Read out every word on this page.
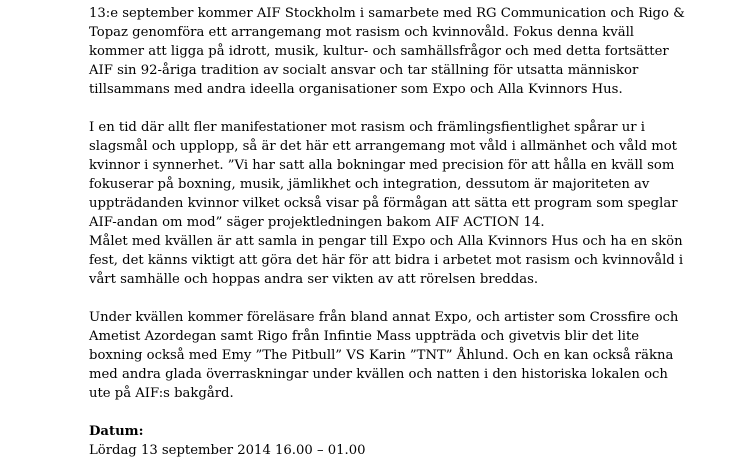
13:e september kommer AIF Stockholm i samarbete med RG Communication och Rigo &
Topaz genomföra ett arrangemang mot rasism och kvinnovåld. Fokus denna kväll
kommer att ligga på idrott, musik, kultur- och samhällsfrågor och med detta fortsätter
AIF sin 92-åriga tradition av socialt ansvar och tar ställning för utsatta människor
tillsammans med andra ideella organisationer som Expo och Alla Kvinnors Hus.
I en tid där allt fler manifestationer mot rasism och främlingsfientlighet spårar ur i
slagsmål och upplopp, så är det här ett arrangemang mot våld i allmänhet och våld mot
kvinnor i synnerhet. ”Vi har satt alla bokningar med precision för att hålla en kväll som
fokuserar på boxning, musik, jämlikhet och integration, dessutom är majoriteten av
uppträdanden kvinnor vilket också visar på förmågan att sätta ett program som speglar
AIF-andan om mod” säger projektledningen bakom AIF ACTION 14.
Målet med kvällen är att samla in pengar till Expo och Alla Kvinnors Hus och ha en skön
fest, det känns viktigt att göra det här för att bidra i arbetet mot rasism och kvinnovåld i
vårt samhälle och hoppas andra ser vikten av att rörelsen breddas.
Under kvällen kommer föreläsare från bland annat Expo, och artister som Crossfire och
Ametist Azordegan samt Rigo från Infintie Mass uppträda och givetvis blir det lite
boxning också med Emy ”The Pitbull” VS Karin ”TNT” Åhlund. Och en kan också räkna
med andra glada överraskningar under kvällen och natten i den historiska lokalen och
ute på AIF:s bakgård.
Datum:
Lördag 13 september 2014 16.00 – 01.00
